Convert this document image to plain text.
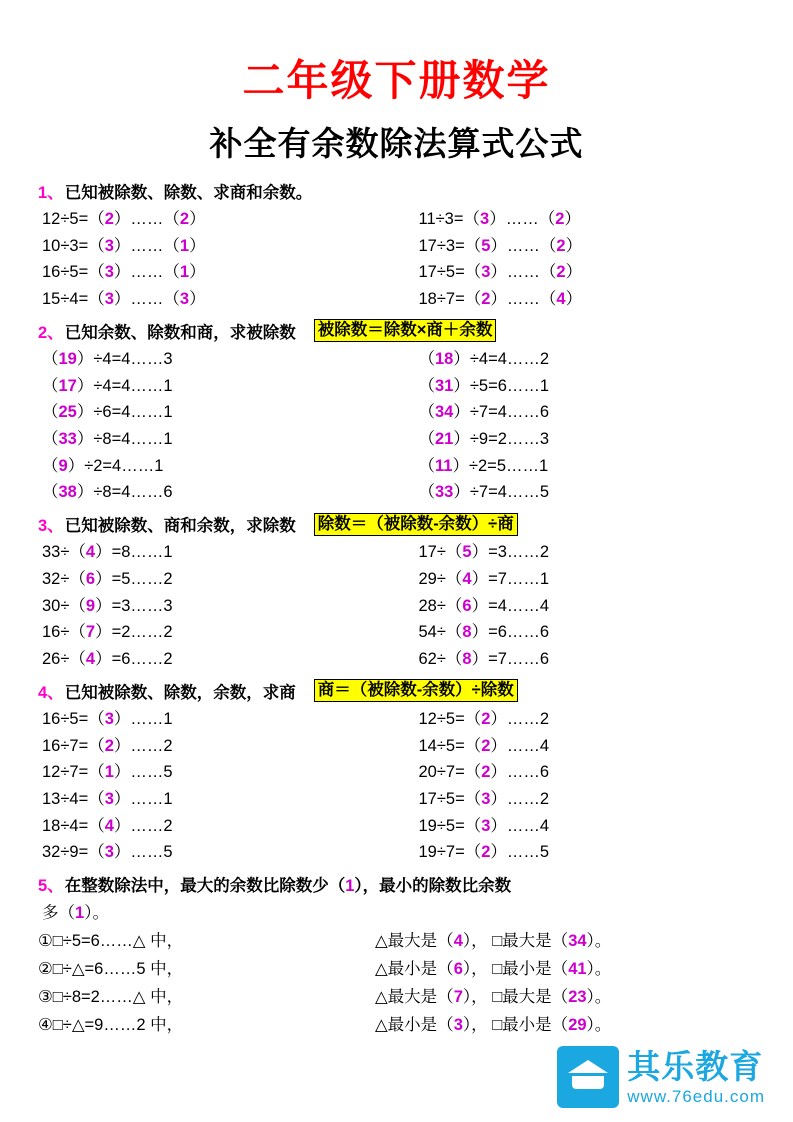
二年级下册数学
补全有余数除法算式公式
1、 已知被除数、除数、求商和余数。
12÷5=（2）……（2）	11÷3=（3）……（2）
10÷3=（3）……（1）	17÷3=（5）……（2）
16÷5=（3）……（1）	17÷5=（3）……（2）
15÷4=（3）……（3）	18÷7=（2）……（4）
2、 已知余数、除数和商，求被除数 被除数＝除数×商＋余数
（19）÷4=4……3	（18）÷4=4……2
（17）÷4=4……1	（31）÷5=6……1
（25）÷6=4……1	（34）÷7=4……6
（33）÷8=4……1	（21）÷9=2……3
（9）÷2=4……1	（11）÷2=5……1
（38）÷8=4……6	（33）÷7=4……5
3、 已知被除数、商和余数，求除数 除数＝（被除数-余数）÷商
33÷（4）=8……1	17÷（5）=3……2
32÷（6）=5……2	29÷（4）=7……1
30÷（9）=3……3	28÷（6）=4……4
16÷（7）=2……2	54÷（8）=6……6
26÷（4）=6……2	62÷（8）=7……6
4、 已知被除数、除数，余数，求商 商＝（被除数-余数）÷除数
16÷5=（3）……1	12÷5=（2）……2
16÷7=（2）……2	14÷5=（2）……4
12÷7=（1）……5	20÷7=（2）……6
13÷4=（3）……1	17÷5=（3）……2
18÷4=（4）……2	19÷5=（3）……4
32÷9=（3）……5	19÷7=（2）……5
5、 在整数除法中，最大的余数比除数少（1），最小的除数比余数
多（1）。
①□÷5=6……△ 中，	△最大是（4）， □最大是（34）。
②□÷△=6……5 中，	△最小是（6）， □最小是（41）。
③□÷8=2……△ 中，	△最大是（7）， □最大是（23）。
④□÷△=9……2 中，	△最小是（3）， □最小是（29）。
其乐教育
www.76edu.com
